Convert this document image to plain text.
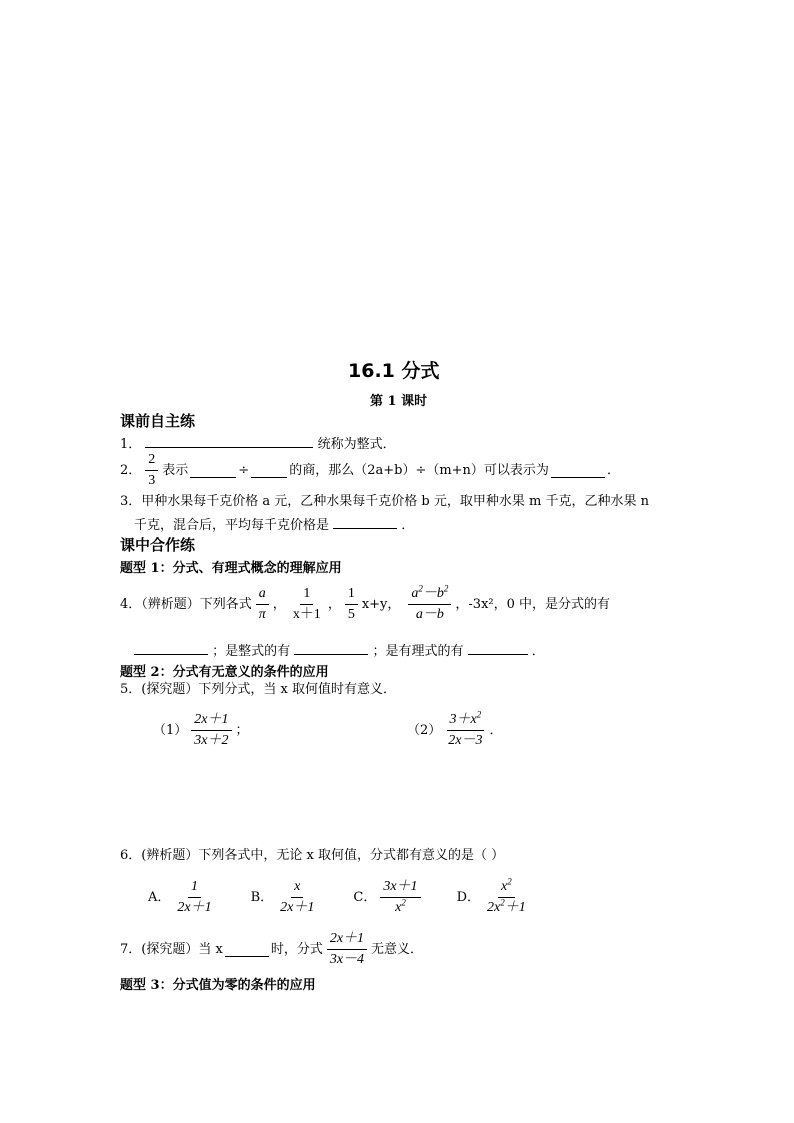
16.1 分式
第 1 课时
课前自主练
1．	统称为整式．
2． $\frac{2}{3}$ 表示	÷	的商，那么（2a+b）÷（m+n）可以表示为	．
3．甲种水果每千克价格 a 元，乙种水果每千克价格 b 元，取甲种水果 m 千克，乙种水果 n
千克，混合后，平均每千克价格是	．
课中合作练
题型 1：分式、有理式概念的理解应用
4．（辨析题）下列各式 $\frac{a}{\pi}$ ， $\frac{1}{x+1}$ ， $\frac{1}{5} x+y$， $\frac{a^2-b^2}{a-b}$ ，-3x²，0 中，是分式的有
；是整式的有	；是有理式的有	．
题型 2：分式有无意义的条件的应用
5．(探究题）下列分式，当 x 取何值时有意义．
$(1) \frac{2x+1}{3x+2}$ ；	$(2) \frac{3+x^2}{2x-3}$ ．
6．(辨析题）下列各式中，无论 x 取何值，分式都有意义的是（ ）
A． $\frac{1}{2x+1}$	B． $\frac{x}{2x+1}$	C． $\frac{3x+1}{x^2}$	D． $\frac{x^2}{2x^2+1}$
7．(探究题）当 x	时，分式 $\frac{2x+1}{3x-4}$ 无意义．
题型 3：分式值为零的条件的应用
